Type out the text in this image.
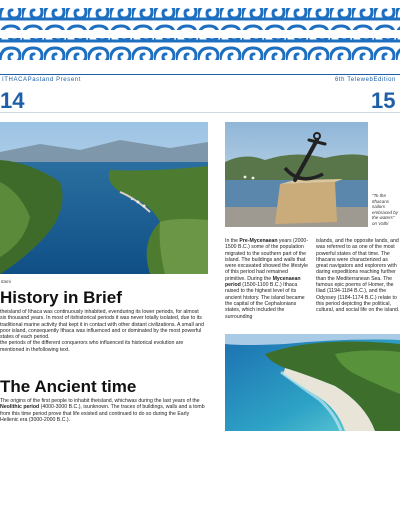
ITHACAPastand Present	6th TelewebEdition
14	15
Itami
History in Brief

theisland of Ithaca was continuously inhabited, evenduring its lower periods, for almost six thousand years. In most of itshistorical periods it was never totally isolated, due to its traditional marine activity that kept it in contact with other distant civilizations. A small and poor island, consequently Ithaca was influenced and or dominated by the most powerful states of each period.

the periods of the different conquerors who influenced its historical evolution are mentioned in thefollowing text.

The Ancient time
The origins of the first people to inhabit theisland, whichwas during the last years of the Neolithic period (4000-3000 B.C.), isunknown. The traces of buildings, walls and a tomb from this time period prove that life existed and continued to do so during the Early Hellenic era (3000-2000 B.C.).
"To the Ithacans sailors embraced by the waters" on Vathi
In the Pre-Mycenaean years (2000-1500 B.C.) some of the population migrated to the southern part of the island. The buildings and walls that were excavated showed the lifestyle of this period had remained primitive. During the Mycenaean period (1500-1100 B.C.) Ithaca raised to the highest level of its ancient history. The island became the capital of the Cephalonians states, which included the surrounding
islands, and the opposite lands, and was referred to as one of the most powerful states of that time. The Ithacans were characterized as great navigators and explorers with daring expeditions reaching further than the Mediterranean Sea. The famous epic poems of Homer, the Iliad (1194-1184 B.C.), and the Odyssey (1184-1174 B.C.) relate to this period depicting the political, cultural, and social life on the island.
